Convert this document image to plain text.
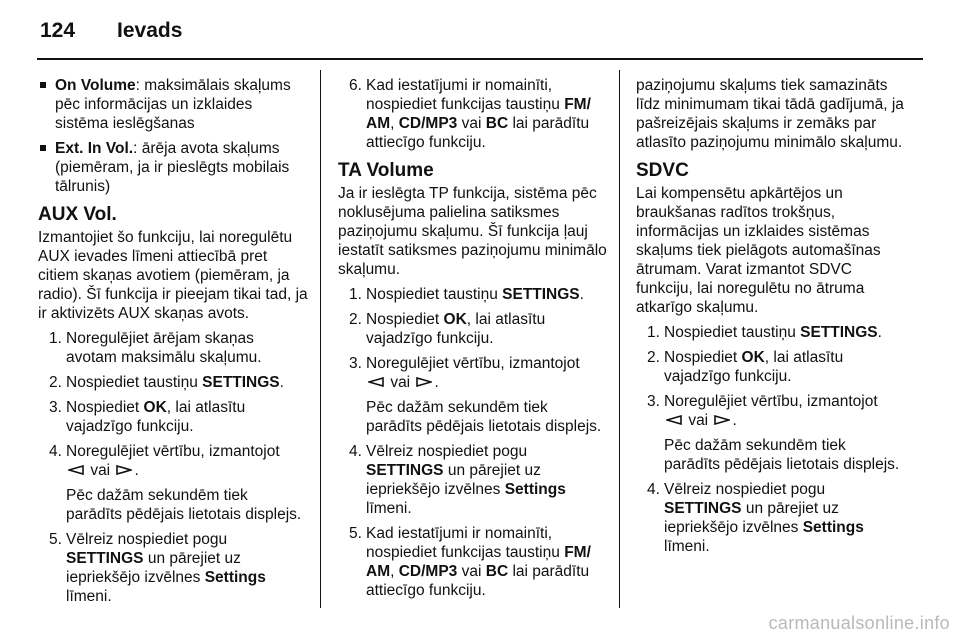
124 Ievads
On Volume: maksimālais skaļums pēc informācijas un izklaides sistēma ieslēgšanas
Ext. In Vol.: ārēja avota skaļums (piemēram, ja ir pieslēgts mobilais tālrunis)
AUX Vol.

Izmantojiet šo funkciju, lai noregulētu AUX ievades līmeni attiecībā pret citiem skaņas avotiem (piemēram, ja radio). Šī funkcija ir pieejam tikai tad, ja ir aktivizēts AUX skaņas avots.

1. Noregulējiet ārējam skaņas avotam maksimālu skaļumu.
2. Nospiediet taustiņu SETTINGS.
3. Nospiediet OK, lai atlasītu vajadzīgo funkciju.
4. Noregulējiet vērtību, izmantojot
vai .
Pēc dažām sekundēm tiek parādīts pēdējais lietotais displejs.
5. Vēlreiz nospiediet pogu SETTINGS un pārejiet uz iepriekšējo izvēlnes Settings līmeni.
6. Kad iestatījumi ir nomainīti, nospiediet funkcijas taustiņu FM/ AM, CD/MP3 vai BC lai parādītu attiecīgo funkciju.
TA Volume

Ja ir ieslēgta TP funkcija, sistēma pēc noklusējuma palielina satiksmes paziņojumu skaļumu. Šī funkcija ļauj iestatīt satiksmes paziņojumu minimālo skaļumu.

1. Nospiediet taustiņu SETTINGS.
2. Nospiediet OK, lai atlasītu vajadzīgo funkciju.
3. Noregulējiet vērtību, izmantojot
vai .
Pēc dažām sekundēm tiek parādīts pēdējais lietotais displejs.
4. Vēlreiz nospiediet pogu SETTINGS un pārejiet uz iepriekšējo izvēlnes Settings līmeni.
5. Kad iestatījumi ir nomainīti, nospiediet funkcijas taustiņu FM/ AM, CD/MP3 vai BC lai parādītu attiecīgo funkciju.

paziņojumu skaļums tiek samazināts līdz minimumam tikai tādā gadījumā, ja pašreizējais skaļums ir zemāks par atlasīto paziņojumu minimālo skaļumu.

SDVC

Lai kompensētu apkārtējos un braukšanas radītos trokšņus, informācijas un izklaides sistēmas skaļums tiek pielāgots automašīnas ātrumam. Varat izmantot SDVC funkciju, lai noregulētu no ātruma atkarīgo skaļumu.

1. Nospiediet taustiņu SETTINGS.
2. Nospiediet OK, lai atlasītu vajadzīgo funkciju.
3. Noregulējiet vērtību, izmantojot
vai .
Pēc dažām sekundēm tiek parādīts pēdējais lietotais displejs.
4. Vēlreiz nospiediet pogu SETTINGS un pārejiet uz iepriekšējo izvēlnes Settings līmeni.
carmanualsonline.info
